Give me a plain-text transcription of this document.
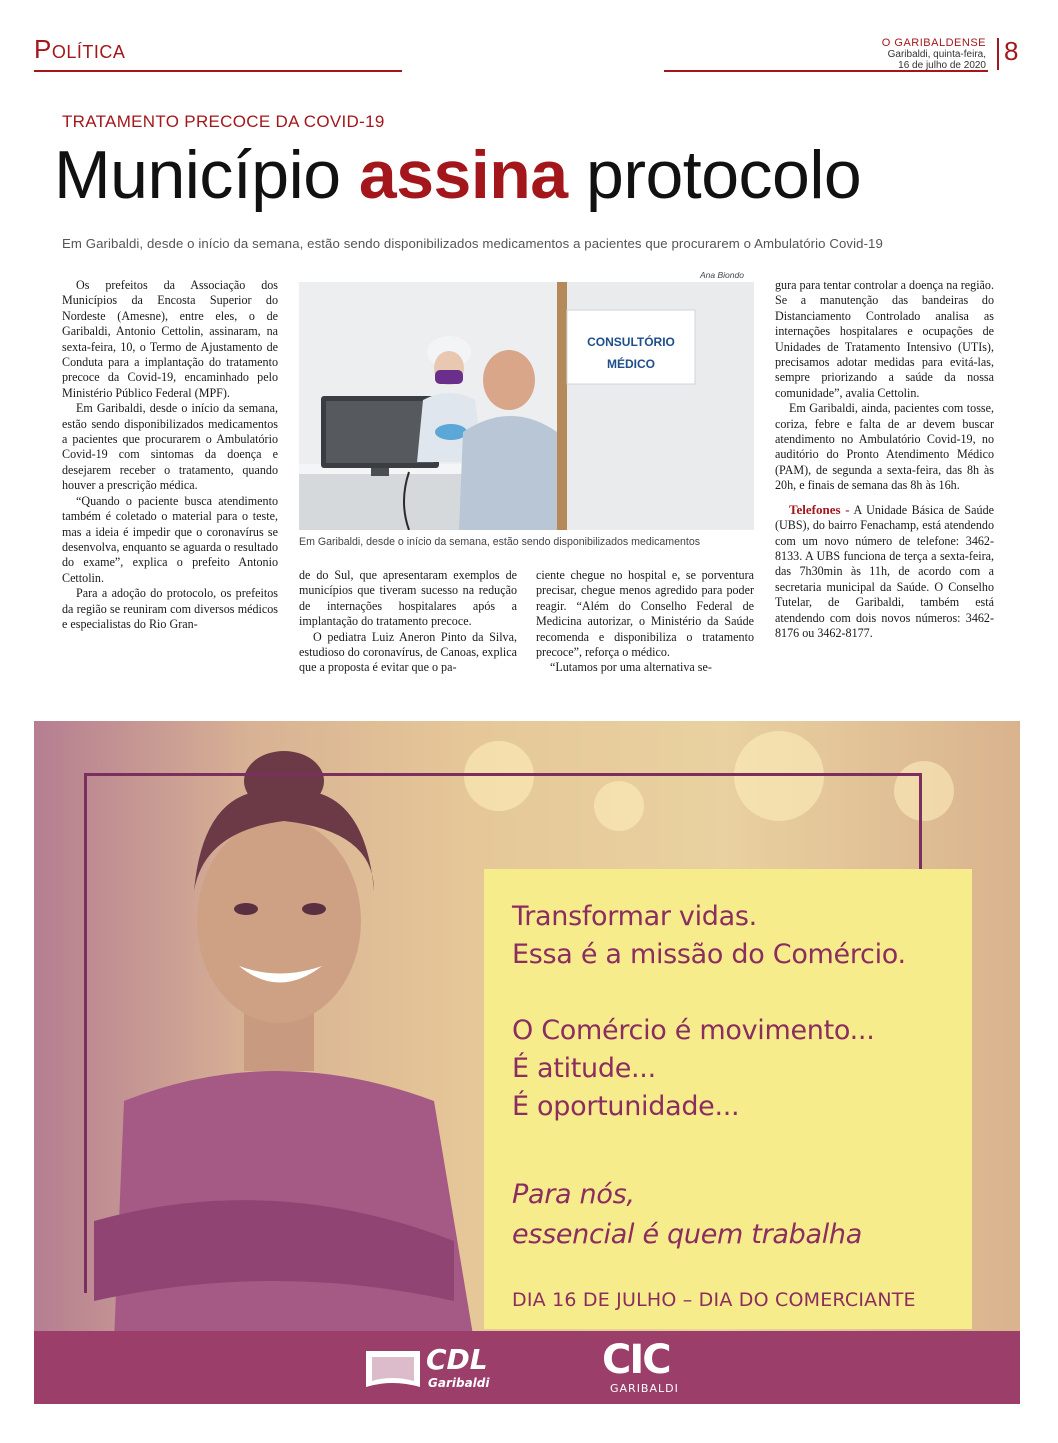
Política	O GARIBALDENSE
Garibaldi, quinta-feira,
16 de julho de 2020 8
TRATAMENTO PRECOCE DA COVID-19
Município assina protocolo
Em Garibaldi, desde o início da semana, estão sendo disponibilizados medicamentos a pacientes que procurarem o Ambulatório Covid-19

Os prefeitos da Associação dos Municípios da Encosta Superior do Nordeste (Amesne), entre eles, o de Garibaldi, Antonio Cettolin, assinaram, na sexta-feira, 10, o Termo de Ajustamento de Conduta para a implantação do tratamento precoce da Covid-19, encaminhado pelo Ministério Público Federal (MPF).

Em Garibaldi, desde o início da semana, estão sendo disponibilizados medicamentos a pacientes que procurarem o Ambulatório Covid-19 com sintomas da doença e desejarem receber o tratamento, quando houver a prescrição médica.

“Quando o paciente busca atendimento também é coletado o material para o teste, mas a ideia é impedir que o coronavírus se desenvolva, enquanto se aguarda o resultado do exame”, explica o prefeito Antonio Cettolin.

Para a adoção do protocolo, os prefeitos da região se reuniram com diversos médicos e especialistas do Rio Gran-

Ana Biondo
CONSULTÓRIO
MÉDICO
Em Garibaldi, desde o início da semana, estão sendo disponibilizados medicamentos

de do Sul, que apresentaram exemplos de municípios que tiveram sucesso na redução de internações hospitalares após a implantação do tratamento precoce.

O pediatra Luiz Aneron Pinto da Silva, estudioso do coronavírus, de Canoas, explica que a proposta é evitar que o pa-

ciente chegue no hospital e, se porventura precisar, chegue menos agredido para poder reagir. “Além do Conselho Federal de Medicina autorizar, o Ministério da Saúde recomenda e disponibiliza o tratamento precoce”, reforça o médico.

“Lutamos por uma alternativa se-

gura para tentar controlar a doença na região. Se a manutenção das bandeiras do Distanciamento Controlado analisa as internações hospitalares e ocupações de Unidades de Tratamento Intensivo (UTIs), precisamos adotar medidas para evitá-las, sempre priorizando a saúde da nossa comunidade”, avalia Cettolin.

Em Garibaldi, ainda, pacientes com tosse, coriza, febre e falta de ar devem buscar atendimento no Ambulatório Covid-19, no auditório do Pronto Atendimento Médico (PAM), de segunda a sexta-feira, das 8h às 20h, e finais de semana das 8h às 16h.

Telefones - A Unidade Básica de Saúde (UBS), do bairro Fenachamp, está atendendo com um novo número de telefone: 3462-8133. A UBS funciona de terça a sexta-feira, das 7h30min às 11h, de acordo com a secretaria municipal da Saúde. O Conselho Tutelar, de Garibaldi, também está atendendo com dois novos números: 3462-8176 ou 3462-8177.

Transformar vidas.
Essa é a missão do Comércio.
O Comércio é movimento...
É atitude...
É oportunidade...
Para nós,
essencial é quem trabalha
DIA 16 DE JULHO – DIA DO COMERCIANTE
CDL
Garibaldi	CIC
GARIBALDI
